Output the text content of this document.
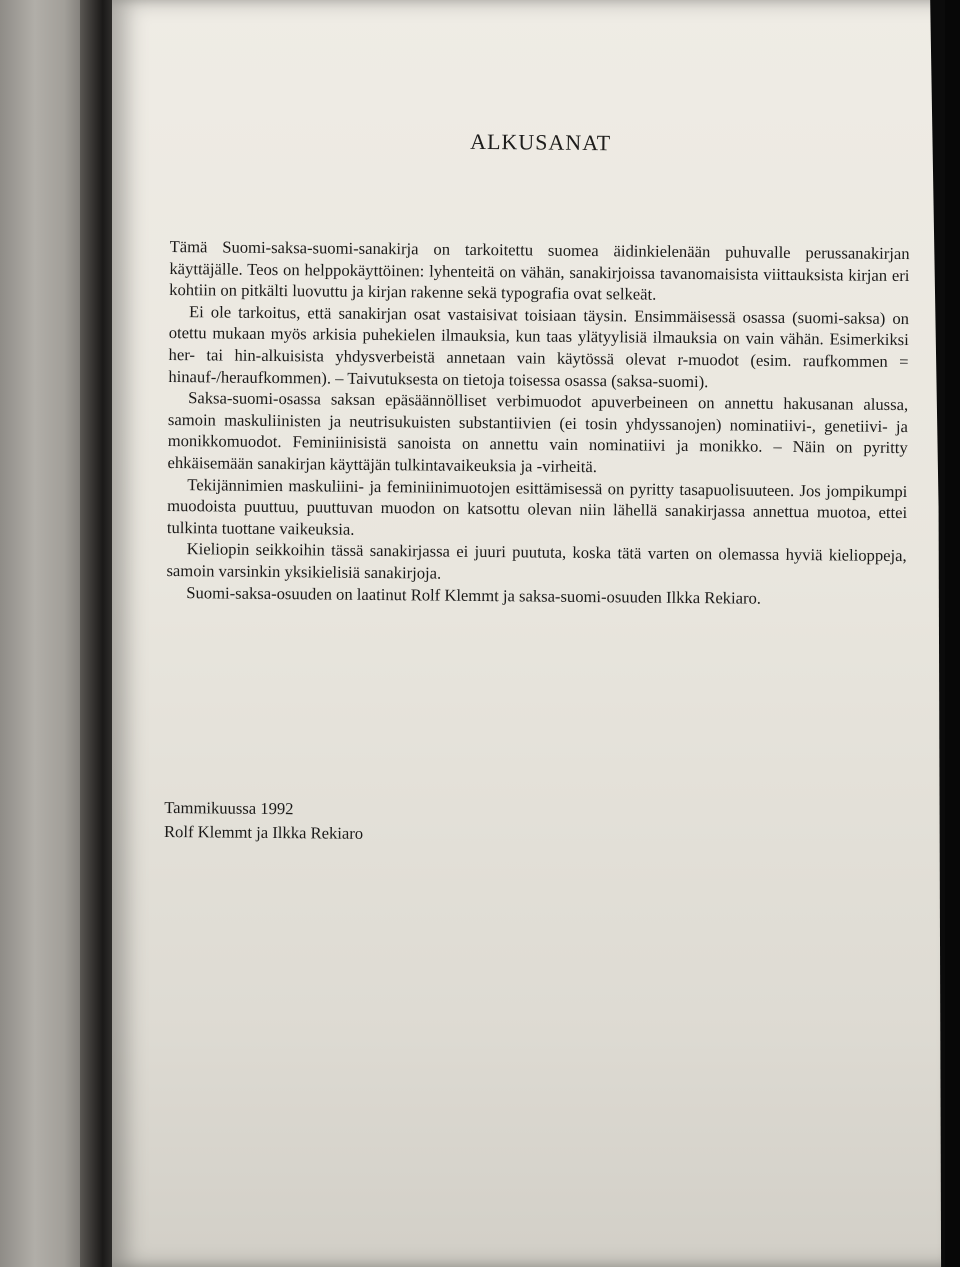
ALKUSANAT

Tämä Suomi-saksa-suomi-sanakirja on tarkoitettu suomea äidinkielenään puhuvalle perussanakirjan käyttäjälle. Teos on helppokäyttöinen: lyhenteitä on vähän, sanakirjoissa tavanomaisista viittauksista kirjan eri kohtiin on pitkälti luovuttu ja kirjan rakenne sekä typografia ovat selkeät.

Ei ole tarkoitus, että sanakirjan osat vastaisivat toisiaan täysin. Ensimmäisessä osassa (suomi-saksa) on otettu mukaan myös arkisia puhekielen ilmauksia, kun taas ylätyylisiä ilmauksia on vain vähän. Esimerkiksi her- tai hin-alkuisista yhdysverbeistä annetaan vain käytössä olevat r-muodot (esim. raufkommen = hinauf-/heraufkommen). – Taivutuksesta on tietoja toisessa osassa (saksa-suomi).

Saksa-suomi-osassa saksan epäsäännölliset verbimuodot apuverbeineen on annettu hakusanan alussa, samoin maskuliinisten ja neutrisukuisten substantiivien (ei tosin yhdyssanojen) nominatiivi-, genetiivi- ja monikkomuodot. Feminiinisistä sanoista on annettu vain nominatiivi ja monikko. – Näin on pyritty ehkäisemään sanakirjan käyttäjän tulkintavaikeuksia ja -virheitä.

Tekijännimien maskuliini- ja feminiinimuotojen esittämisessä on pyritty tasapuolisuuteen. Jos jompikumpi muodoista puuttuu, puuttuvan muodon on katsottu olevan niin lähellä sanakirjassa annettua muotoa, ettei tulkinta tuottane vaikeuksia.

Kieliopin seikkoihin tässä sanakirjassa ei juuri puututa, koska tätä varten on olemassa hyviä kielioppeja, samoin varsinkin yksikielisiä sanakirjoja.

Suomi-saksa-osuuden on laatinut Rolf Klemmt ja saksa-suomi-osuuden Ilkka Rekiaro.

Tammikuussa 1992
Rolf Klemmt ja Ilkka Rekiaro
